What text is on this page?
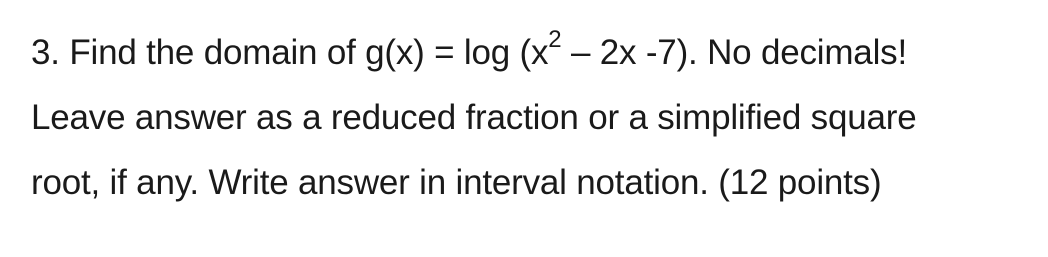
3. Find the domain of $g(x) = \log (x^2 - 2x$ -7). No decimals!
Leave answer as a reduced fraction or a simplified square
root, if any. Write answer in interval notation. (12 points)
